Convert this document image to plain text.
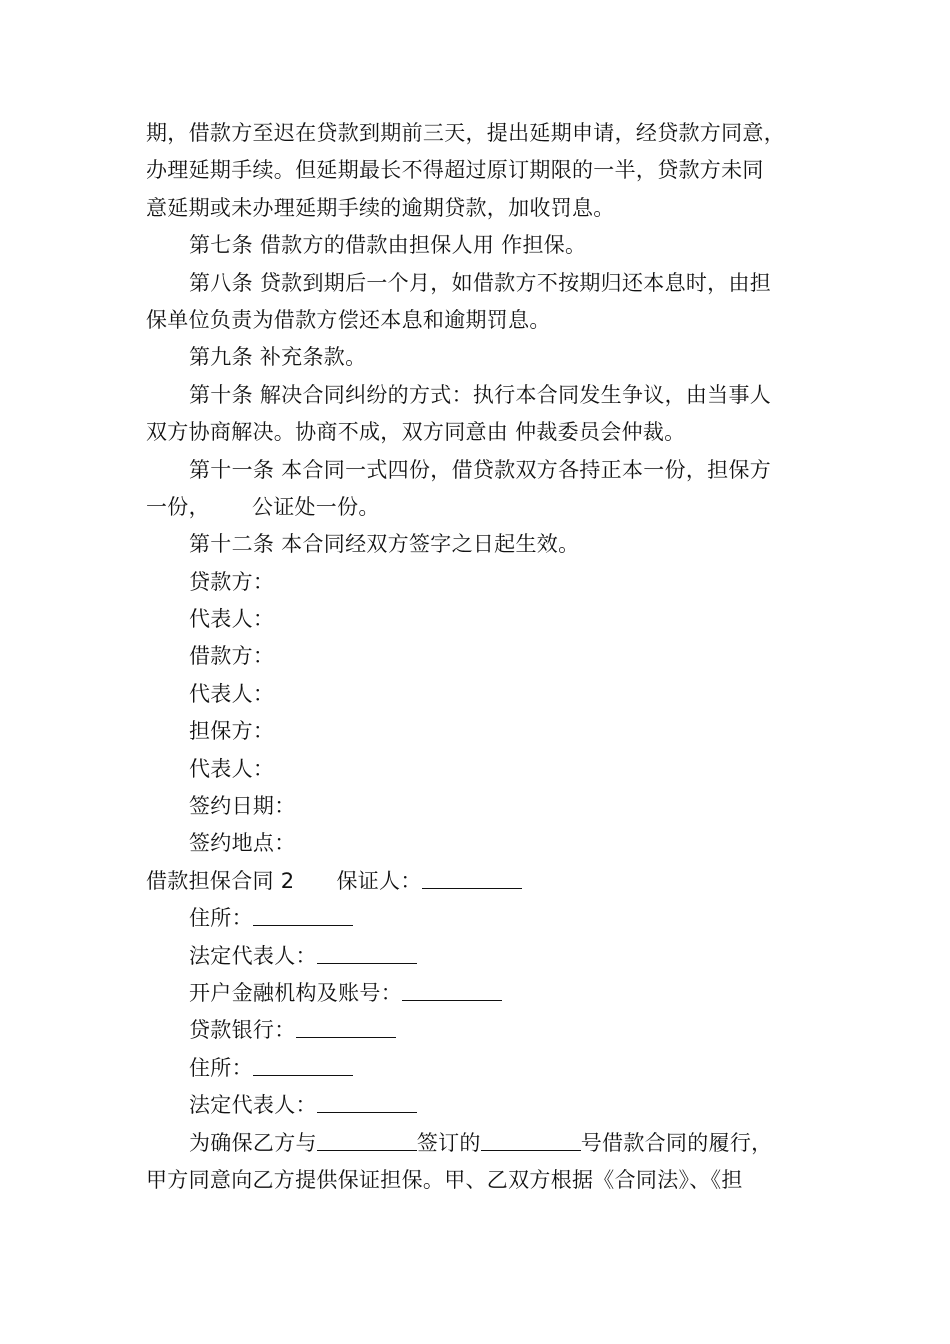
期，借款方至迟在贷款到期前三天，提出延期申请，经贷款方同意，
办理延期手续。但延期最长不得超过原订期限的一半，贷款方未同
意延期或未办理延期手续的逾期贷款，加收罚息。
第七条 借款方的借款由担保人用 作担保。
第八条 贷款到期后一个月，如借款方不按期归还本息时，由担
保单位负责为借款方偿还本息和逾期罚息。
第九条 补充条款。
第十条 解决合同纠纷的方式：执行本合同发生争议，由当事人
双方协商解决。协商不成，双方同意由 仲裁委员会仲裁。
第十一条 本合同一式四份，借贷款双方各持正本一份，担保方
一份， 公证处一份。
第十二条 本合同经双方签字之日起生效。
贷款方：
代表人：
借款方：
代表人：
担保方：
代表人：
签约日期：
签约地点：
借款担保合同 2 保证人：
住所：
法定代表人：
开户金融机构及账号：
贷款银行：
住所：
法定代表人：
为确保乙方与	签订的	号借款合同的履行，
甲方同意向乙方提供保证担保。甲、乙双方根据《合同法》、《担
